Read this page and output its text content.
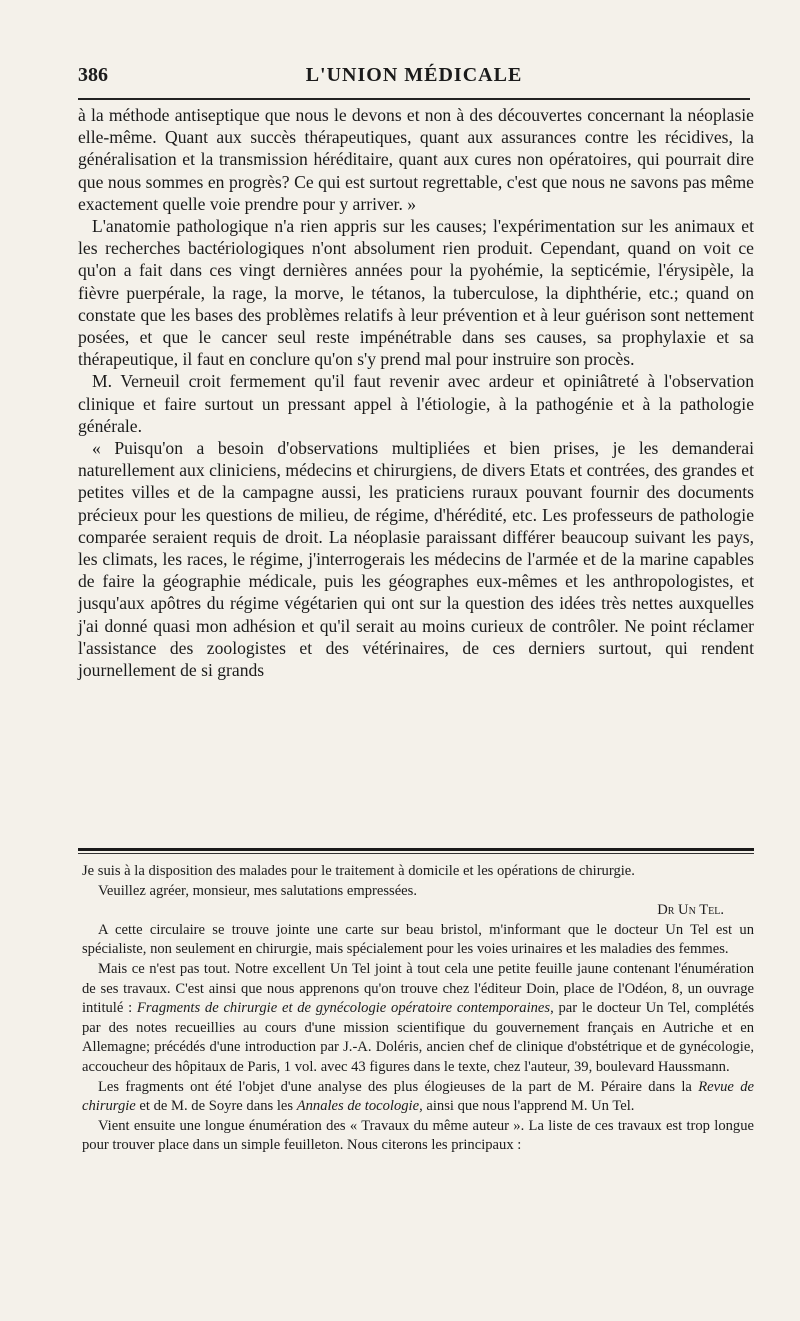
386	L'UNION MÉDICALE

à la méthode antiseptique que nous le devons et non à des découvertes concernant la néoplasie elle-même. Quant aux succès thérapeutiques, quant aux assurances contre les récidives, la généralisation et la transmission héréditaire, quant aux cures non opératoires, qui pourrait dire que nous sommes en progrès? Ce qui est surtout regrettable, c'est que nous ne savons pas même exactement quelle voie prendre pour y arriver. »

L'anatomie pathologique n'a rien appris sur les causes; l'expérimentation sur les animaux et les recherches bactériologiques n'ont absolument rien produit. Cependant, quand on voit ce qu'on a fait dans ces vingt dernières années pour la pyohémie, la septicémie, l'érysipèle, la fièvre puerpérale, la rage, la morve, le tétanos, la tuberculose, la diphthérie, etc.; quand on constate que les bases des problèmes relatifs à leur prévention et à leur guérison sont nettement posées, et que le cancer seul reste impénétrable dans ses causes, sa prophylaxie et sa thérapeutique, il faut en conclure qu'on s'y prend mal pour instruire son procès.

M. Verneuil croit fermement qu'il faut revenir avec ardeur et opiniâtreté à l'observation clinique et faire surtout un pressant appel à l'étiologie, à la pathogénie et à la pathologie générale.

« Puisqu'on a besoin d'observations multipliées et bien prises, je les demanderai naturellement aux cliniciens, médecins et chirurgiens, de divers Etats et contrées, des grandes et petites villes et de la campagne aussi, les praticiens ruraux pouvant fournir des documents précieux pour les questions de milieu, de régime, d'hérédité, etc. Les professeurs de pathologie comparée seraient requis de droit. La néoplasie paraissant différer beaucoup suivant les pays, les climats, les races, le régime, j'interrogerais les médecins de l'armée et de la marine capables de faire la géographie médicale, puis les géographes eux-mêmes et les anthropologistes, et jusqu'aux apôtres du régime végétarien qui ont sur la question des idées très nettes auxquelles j'ai donné quasi mon adhésion et qu'il serait au moins curieux de contrôler. Ne point réclamer l'assistance des zoologistes et des vétérinaires, de ces derniers surtout, qui rendent journellement de si grands

Je suis à la disposition des malades pour le traitement à domicile et les opérations de chirurgie.

Veuillez agréer, monsieur, mes salutations empressées.

Dr Un Tel.

A cette circulaire se trouve jointe une carte sur beau bristol, m'informant que le docteur Un Tel est un spécialiste, non seulement en chirurgie, mais spécialement pour les voies urinaires et les maladies des femmes.

Mais ce n'est pas tout. Notre excellent Un Tel joint à tout cela une petite feuille jaune contenant l'énumération de ses travaux. C'est ainsi que nous apprenons qu'on trouve chez l'éditeur Doin, place de l'Odéon, 8, un ouvrage intitulé : Fragments de chirurgie et de gynécologie opératoire contemporaines, par le docteur Un Tel, complétés par des notes recueillies au cours d'une mission scientifique du gouvernement français en Autriche et en Allemagne; précédés d'une introduction par J.-A. Doléris, ancien chef de clinique d'obstétrique et de gynécologie, accoucheur des hôpitaux de Paris, 1 vol. avec 43 figures dans le texte, chez l'auteur, 39, boulevard Haussmann.

Les fragments ont été l'objet d'une analyse des plus élogieuses de la part de M. Péraire dans la Revue de chirurgie et de M. de Soyre dans les Annales de tocologie, ainsi que nous l'apprend M. Un Tel.

Vient ensuite une longue énumération des « Travaux du même auteur ». La liste de ces travaux est trop longue pour trouver place dans un simple feuilleton. Nous citerons les principaux :
